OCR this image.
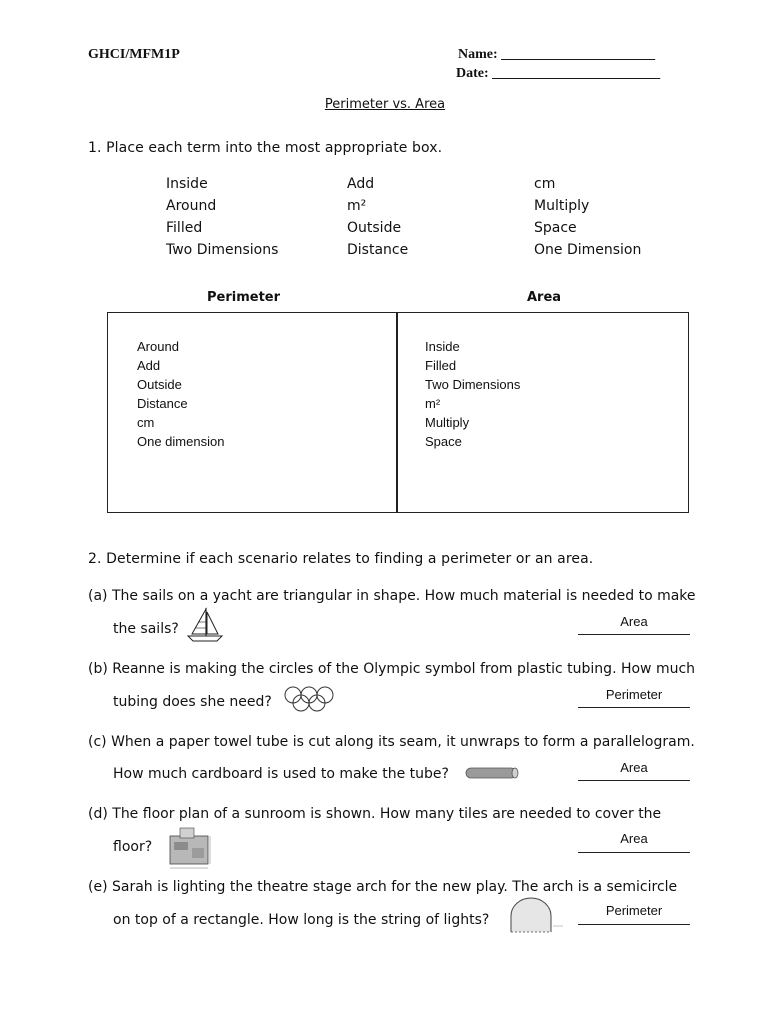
GHCI/MFM1P	Name: ______________________
Date: ________________________
Perimeter vs. Area
1. Place each term into the most appropriate box.
Inside
Around
Filled
Two Dimensions
Add
m²
Outside
Distance
cm
Multiply
Space
One Dimension
Perimeter	Area
Around
Add
Outside
Distance
cm
One dimension
Inside
Filled
Two Dimensions
m²
Multiply
Space
2. Determine if each scenario relates to finding a perimeter or an area.
(a) The sails on a yacht are triangular in shape. How much material is needed to make
the sails?	Area
(b) Reanne is making the circles of the Olympic symbol from plastic tubing. How much
tubing does she need?	Perimeter
(c) When a paper towel tube is cut along its seam, it unwraps to form a parallelogram.
How much cardboard is used to make the tube?	Area
(d) The floor plan of a sunroom is shown. How many tiles are needed to cover the
floor?
Area
(e) Sarah is lighting the theatre stage arch for the new play. The arch is a semicircle
on top of a rectangle. How long is the string of lights?
Perimeter
